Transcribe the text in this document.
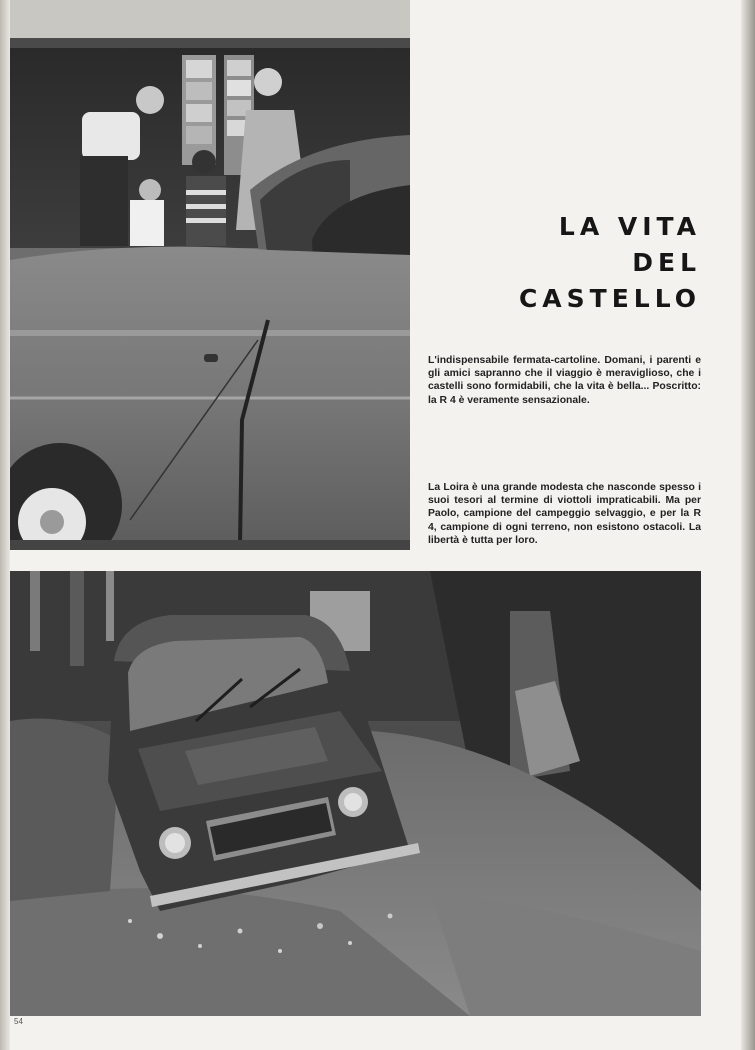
LA VITA
DEL
CASTELLO

L'indispensabile fermata-cartoline. Domani, i parenti e gli amici sapranno che il viaggio è meraviglioso, che i castelli sono formidabili, che la vita è bella... Poscritto: la R 4 è veramente sensazionale.

La Loira è una grande modesta che nasconde spesso i suoi tesori al termine di viottoli impraticabili. Ma per Paolo, campione del campeggio selvaggio, e per la R 4, campione di ogni terreno, non esistono ostacoli. La libertà è tutta per loro.

54
